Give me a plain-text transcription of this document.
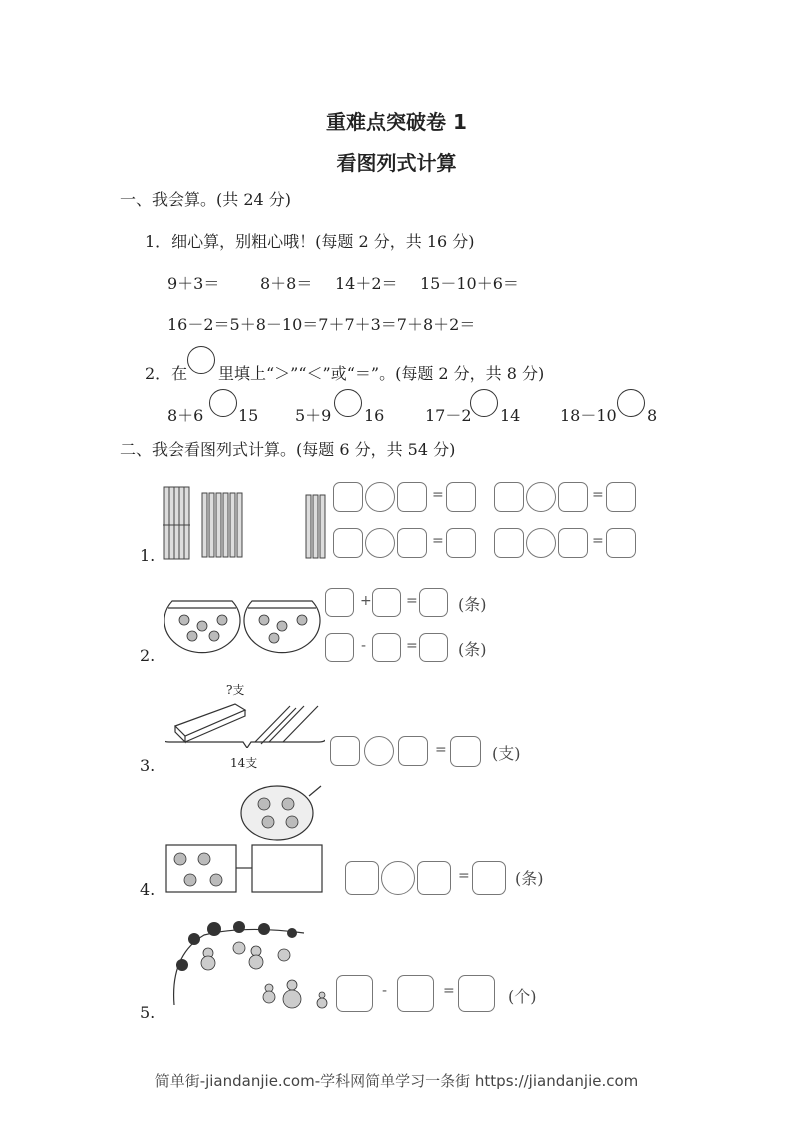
重难点突破卷 1
看图列式计算
一、我会算。(共 24 分)
1．细心算，别粗心哦！(每题 2 分，共 16 分)
9＋3＝	8＋8＝ 14＋2＝ 15－10＋6＝
16－2＝5＋8－10＝7＋7＋3＝7＋8＋2＝
2．在 里填上“＞”“＜”或“＝”。(每题 2 分，共 8 分)
8＋6 15 5＋9 16	17－2 14 18－10 8
二、我会看图列式计算。(每题 6 分，共 54 分)
1.
=	=
=	=
2.
+ =	(条)
-	=	(条)
3.
?支
14支
=	(支)
4.
=	(条)
5.
-	=	(个)
简单街-jiandanjie.com-学科网简单学习一条街 https://jiandanjie.com
